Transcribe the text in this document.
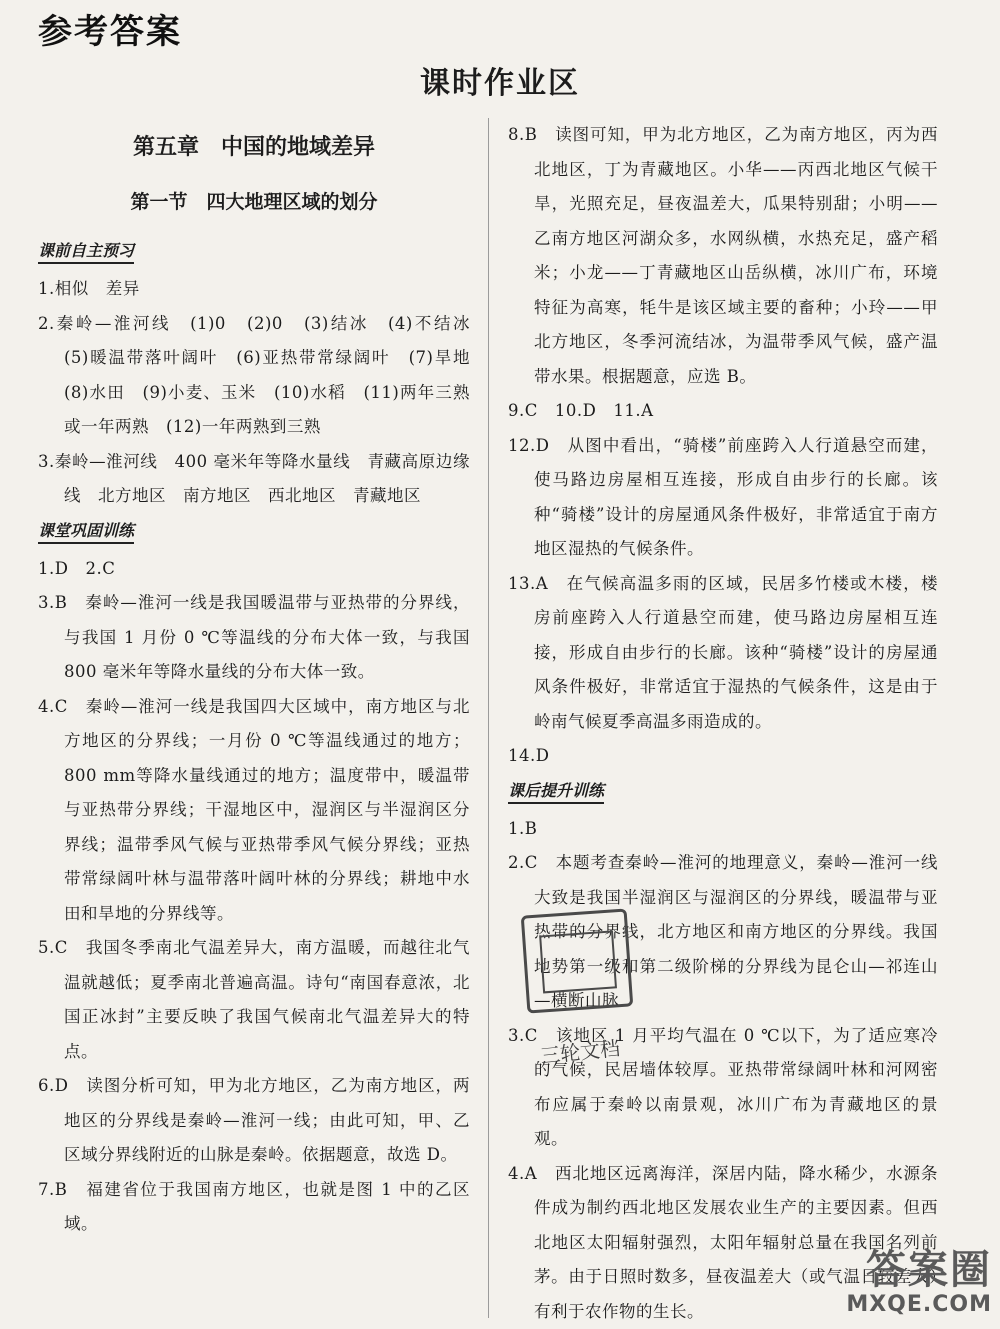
参考答案
课时作业区
第五章　中国的地域差异
第一节　四大地理区域的划分
课前自主预习
1.相似　差异
2.秦岭—淮河线　(1)0　(2)0　(3)结冰　(4)不结冰　(5)暖温带落叶阔叶　(6)亚热带常绿阔叶　(7)旱地　(8)水田　(9)小麦、玉米　(10)水稻　(11)两年三熟或一年两熟　(12)一年两熟到三熟
3.秦岭—淮河线　400 毫米年等降水量线　青藏高原边缘线　北方地区　南方地区　西北地区　青藏地区
课堂巩固训练
1.D　2.C
3.B　秦岭—淮河一线是我国暖温带与亚热带的分界线，与我国 1 月份 0 ℃等温线的分布大体一致，与我国 800 毫米年等降水量线的分布大体一致。
4.C　秦岭—淮河一线是我国四大区域中，南方地区与北方地区的分界线；一月份 0 ℃等温线通过的地方；800 mm等降水量线通过的地方；温度带中，暖温带与亚热带分界线；干湿地区中，湿润区与半湿润区分界线；温带季风气候与亚热带季风气候分界线；亚热带常绿阔叶林与温带落叶阔叶林的分界线；耕地中水田和旱地的分界线等。
5.C　我国冬季南北气温差异大，南方温暖，而越往北气温就越低；夏季南北普遍高温。诗句“南国春意浓，北国正冰封”主要反映了我国气候南北气温差异大的特点。
6.D　读图分析可知，甲为北方地区，乙为南方地区，两地区的分界线是秦岭—淮河一线；由此可知，甲、乙区域分界线附近的山脉是秦岭。依据题意，故选 D。
7.B　福建省位于我国南方地区，也就是图 1 中的乙区域。
8.B　读图可知，甲为北方地区，乙为南方地区，丙为西北地区，丁为青藏地区。小华——丙西北地区气候干旱，光照充足，昼夜温差大，瓜果特别甜；小明——乙南方地区河湖众多，水网纵横，水热充足，盛产稻米；小龙——丁青藏地区山岳纵横，冰川广布，环境特征为高寒，牦牛是该区域主要的畜种；小玲——甲北方地区，冬季河流结冰，为温带季风气候，盛产温带水果。根据题意，应选 B。
9.C　10.D　11.A
12.D　从图中看出，“骑楼”前座跨入人行道悬空而建，使马路边房屋相互连接，形成自由步行的长廊。该种“骑楼”设计的房屋通风条件极好，非常适宜于南方地区湿热的气候条件。
13.A　在气候高温多雨的区域，民居多竹楼或木楼，楼房前座跨入人行道悬空而建，使马路边房屋相互连接，形成自由步行的长廊。该种“骑楼”设计的房屋通风条件极好，非常适宜于湿热的气候条件，这是由于岭南气候夏季高温多雨造成的。
14.D
课后提升训练
1.B
2.C　本题考查秦岭—淮河的地理意义，秦岭—淮河一线大致是我国半湿润区与湿润区的分界线，暖温带与亚热带的分界线，北方地区和南方地区的分界线。我国地势第一级和第二级阶梯的分界线为昆仑山—祁连山—横断山脉
3.C　该地区 1 月平均气温在 0 ℃以下，为了适应寒冷的气候，民居墙体较厚。亚热带常绿阔叶林和河网密布应属于秦岭以南景观，冰川广布为青藏地区的景观。
4.A　西北地区远离海洋，深居内陆，降水稀少，水源条件成为制约西北地区发展农业生产的主要因素。但西北地区太阳辐射强烈，太阳年辐射总量在我国名列前茅。由于日照时数多，昼夜温差大（或气温日较差大）有利于农作物的生长。
三轮文档
答案圈
MXQE.COM
